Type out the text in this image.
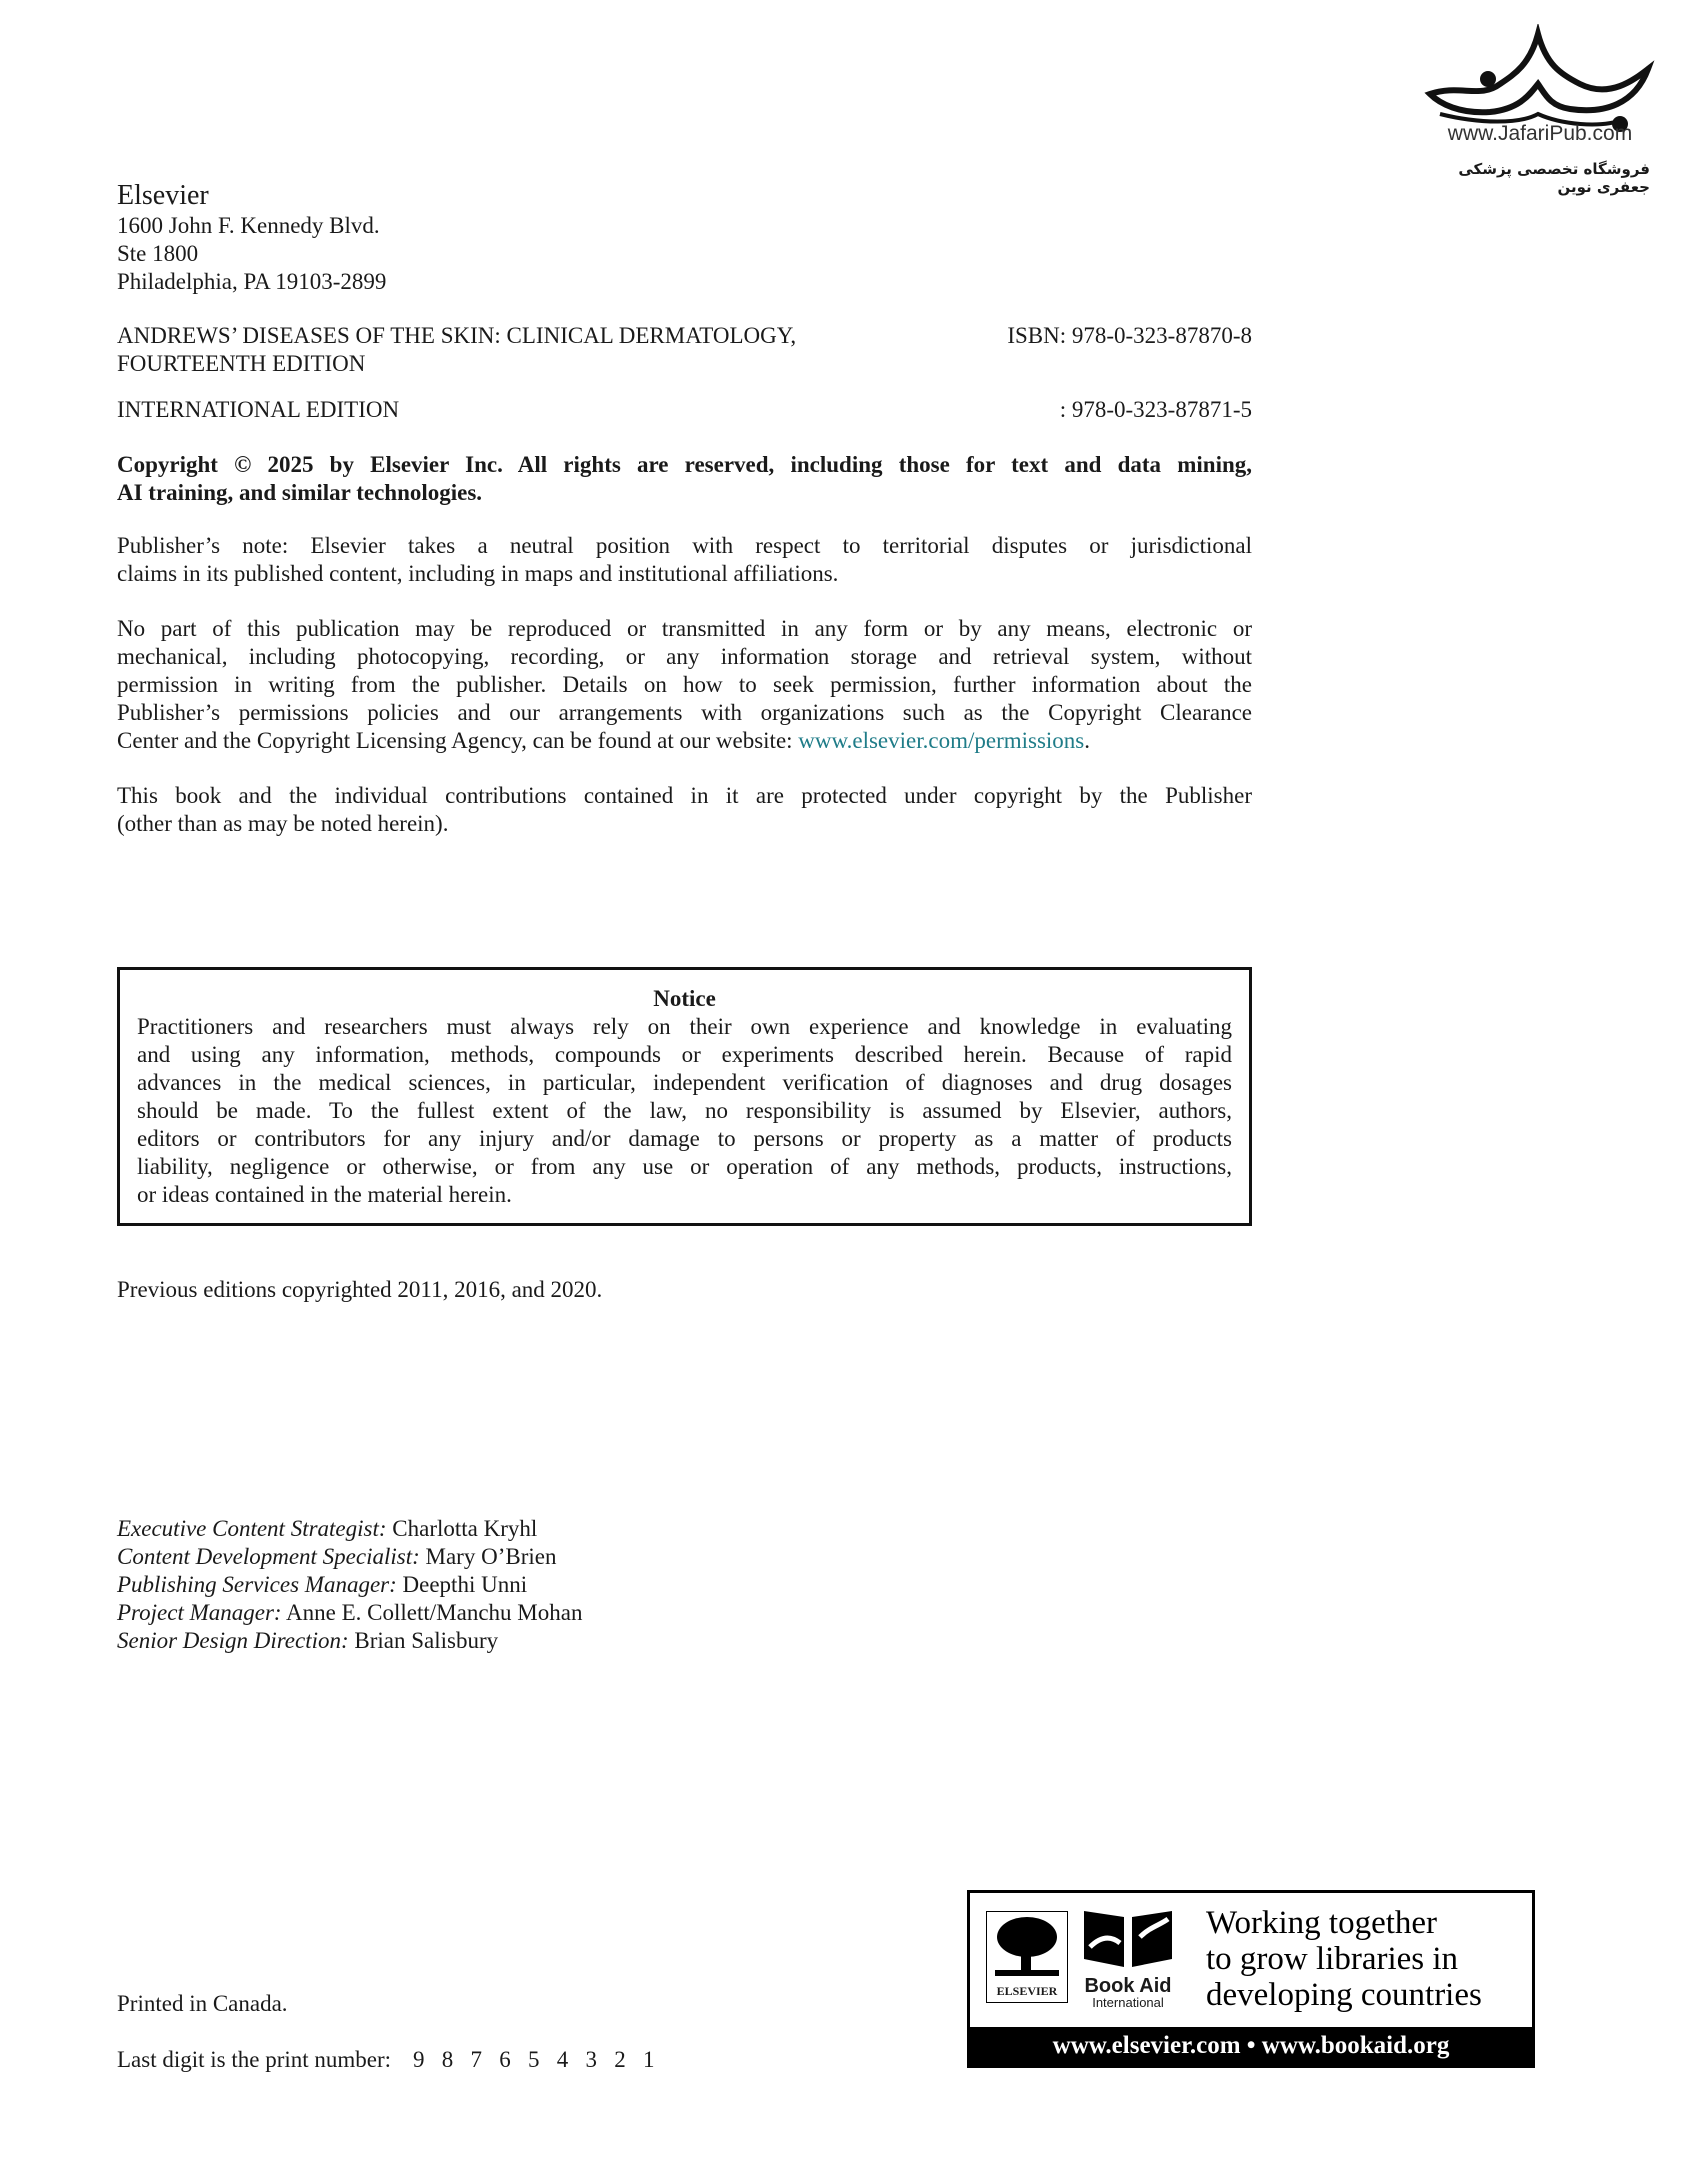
www.JafariPub.com
فروشگاه تخصصی پزشکی جعفری نوین
Elsevier
1600 John F. Kennedy Blvd.
Ste 1800
Philadelphia, PA 19103-2899
ANDREWS’ DISEASES OF THE SKIN: CLINICAL DERMATOLOGY,	ISBN: 978-0-323-87870-8
FOURTEENTH EDITION
INTERNATIONAL EDITION	: 978-0-323-87871-5
Copyright © 2025 by Elsevier Inc. All rights are reserved, including those for text and data mining,
AI training, and similar technologies.
Publisher’s note: Elsevier takes a neutral position with respect to territorial disputes or jurisdictional
claims in its published content, including in maps and institutional affiliations.
No part of this publication may be reproduced or transmitted in any form or by any means, electronic or
mechanical, including photocopying, recording, or any information storage and retrieval system, without
permission in writing from the publisher. Details on how to seek permission, further information about the
Publisher’s permissions policies and our arrangements with organizations such as the Copyright Clearance
Center and the Copyright Licensing Agency, can be found at our website: www.elsevier.com/permissions.
This book and the individual contributions contained in it are protected under copyright by the Publisher
(other than as may be noted herein).
Notice
Practitioners and researchers must always rely on their own experience and knowledge in evaluating
and using any information, methods, compounds or experiments described herein. Because of rapid
advances in the medical sciences, in particular, independent verification of diagnoses and drug dosages
should be made. To the fullest extent of the law, no responsibility is assumed by Elsevier, authors,
editors or contributors for any injury and/or damage to persons or property as a matter of products
liability, negligence or otherwise, or from any use or operation of any methods, products, instructions,
or ideas contained in the material herein.
Previous editions copyrighted 2011, 2016, and 2020.
Executive Content Strategist: Charlotta Kryhl
Content Development Specialist: Mary O’Brien
Publishing Services Manager: Deepthi Unni
Project Manager: Anne E. Collett/Manchu Mohan
Senior Design Direction: Brian Salisbury
Printed in Canada.
Last digit is the print number: 9   8   7   6   5   4   3   2   1
ELSEVIER	Book Aid
International
Working together
to grow libraries in
developing countries
www.elsevier.com • www.bookaid.org
